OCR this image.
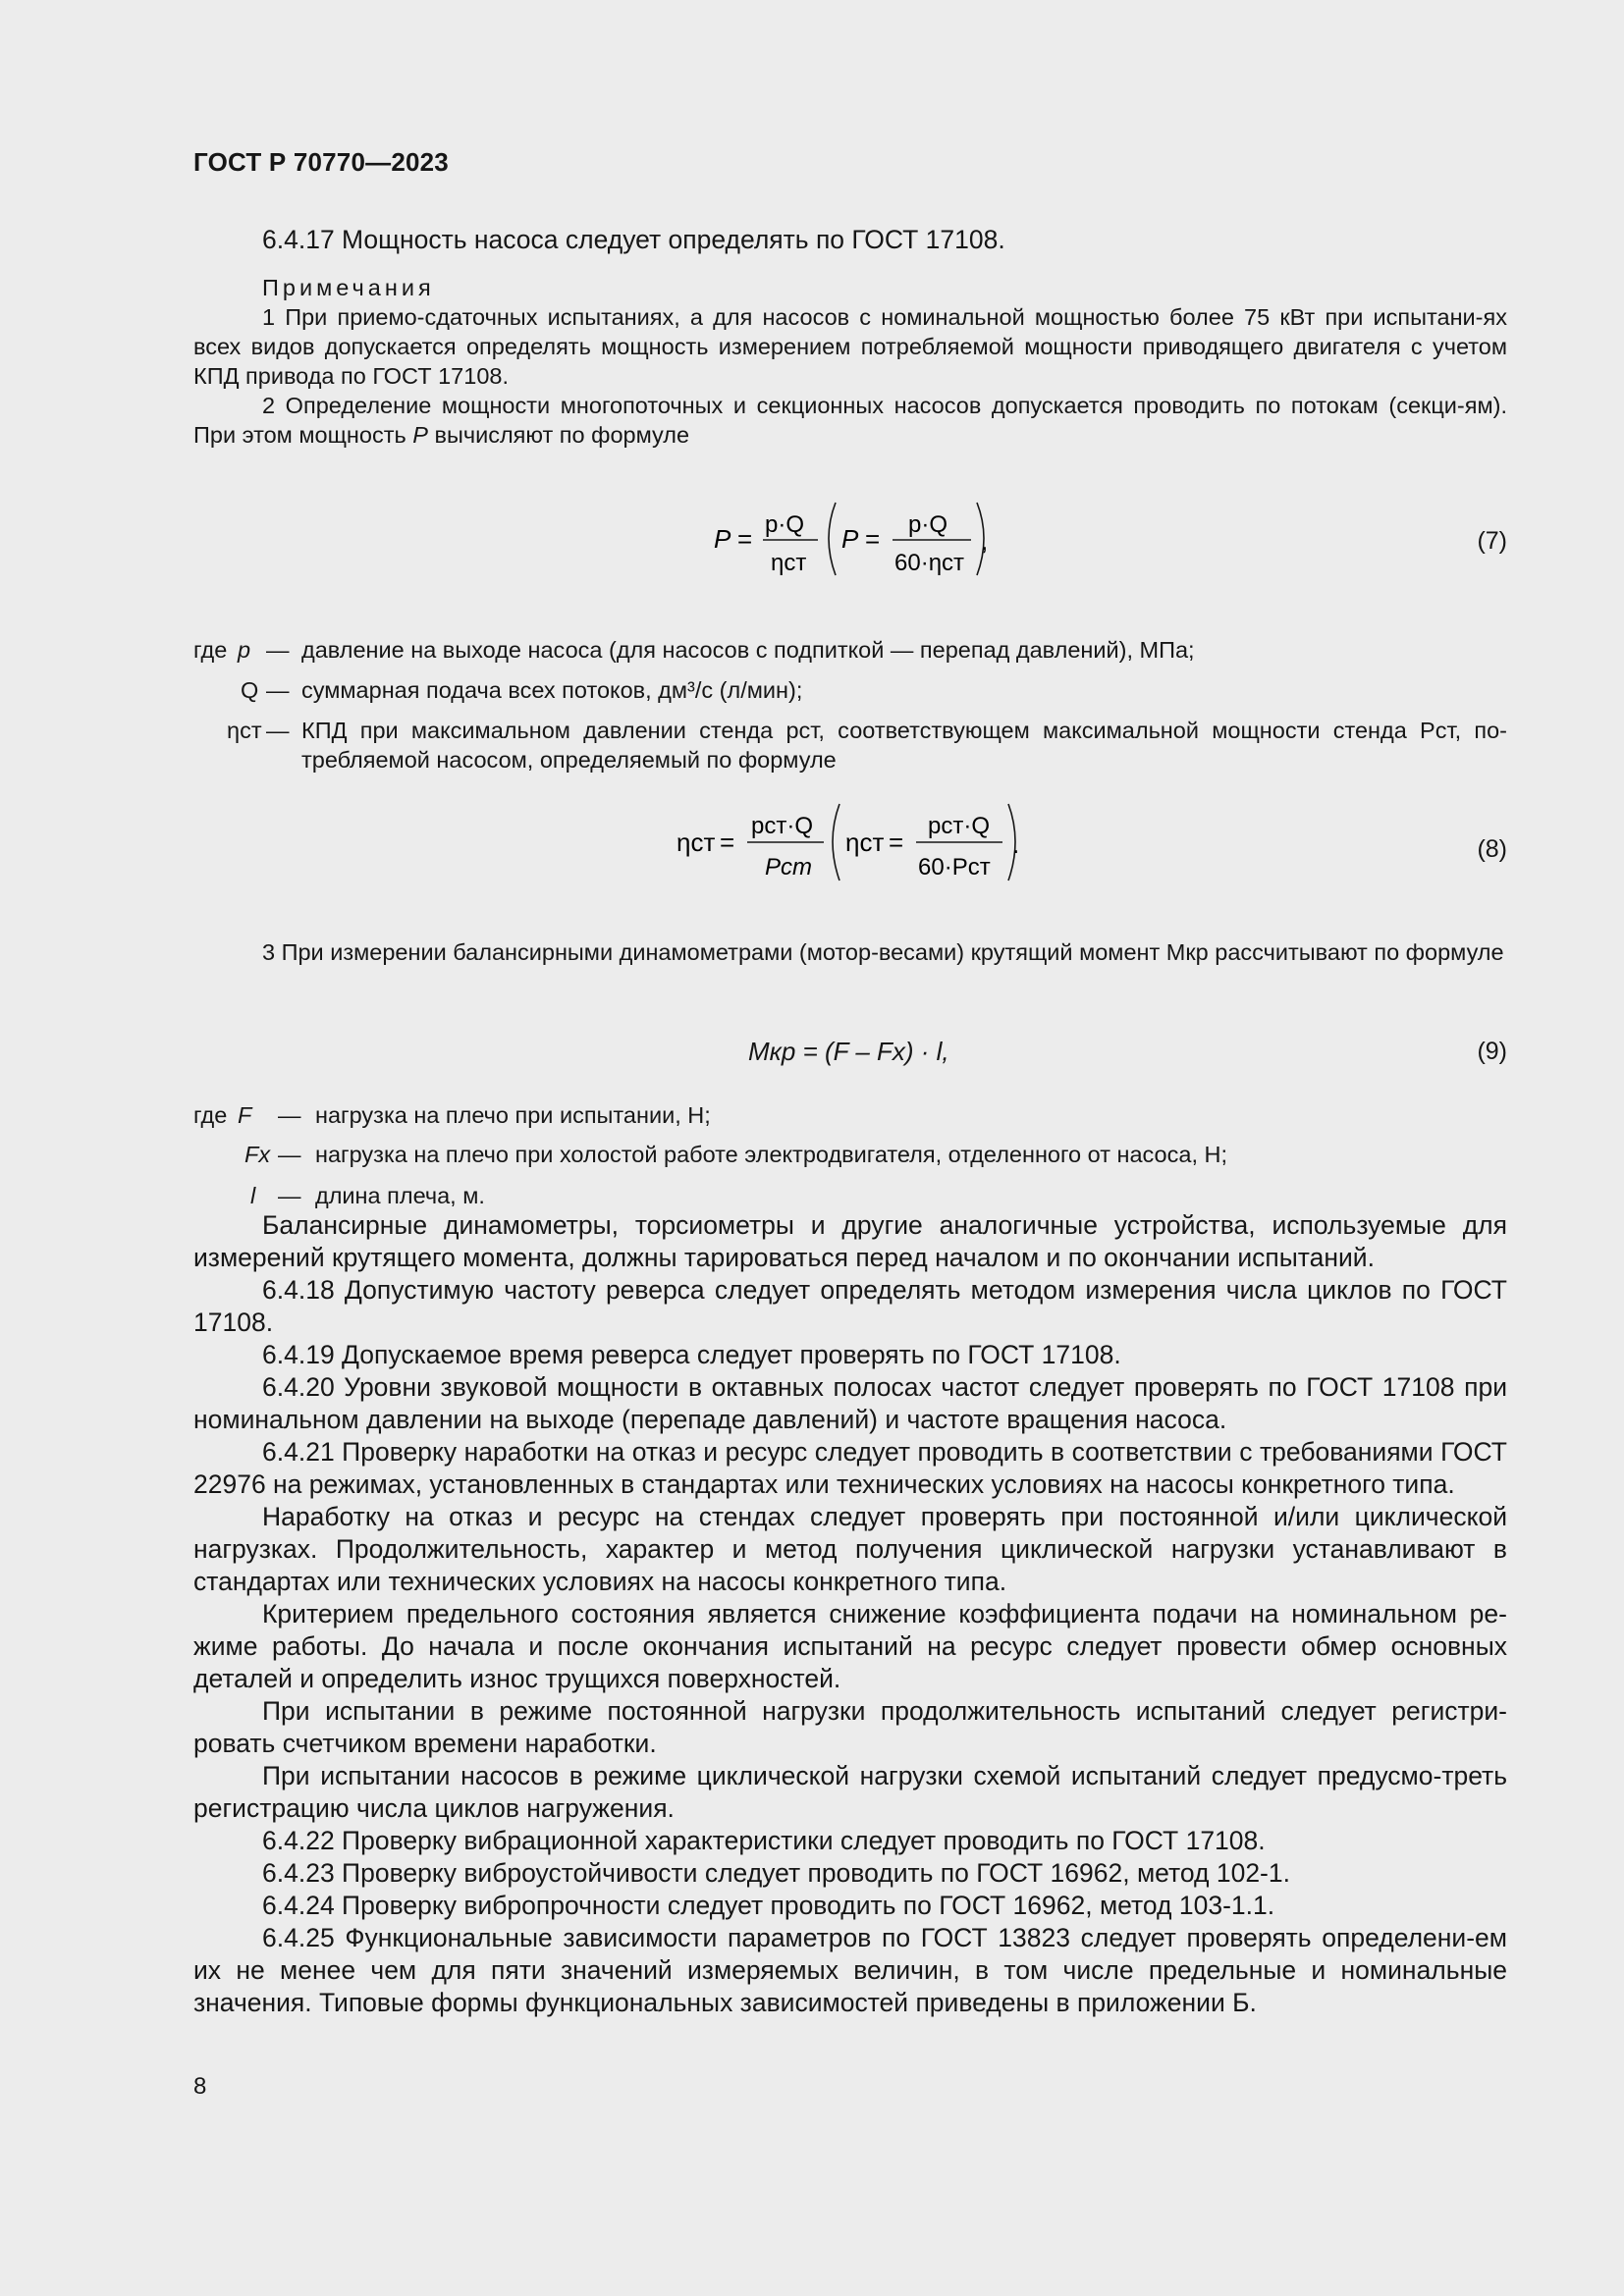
ГОСТ Р 70770—2023

6.4.17 Мощность насоса следует определять по ГОСТ 17108.

Примечания

1 При приемо-сдаточных испытаниях, а для насосов с номинальной мощностью более 75 кВт при испытани-ях всех видов допускается определять мощность измерением потребляемой мощности приводящего двигателя с учетом КПД привода по ГОСТ 17108.

2 Определение мощности многопоточных и секционных насосов допускается проводить по потокам (секци-ям). При этом мощность P вычисляют по формуле

P = p·Q
ηст
P = p·Q
60·ηст
,	(7)
где p — давление на выходе насоса (для насосов с подпиткой — перепад давлений), МПа;
Q — суммарная подача всех потоков, дм³/с (л/мин);
ηст — КПД при максимальном давлении стенда pст, соответствующем максимальной мощности стенда Pст, по-требляемой насосом, определяемый по формуле
ηст =
pст·Q
Pст
ηст =
pст·Q
60·Pст
.	(8)

3 При измерении балансирными динамометрами (мотор-весами) крутящий момент Mкр рассчитывают по формуле

Mкр = (F – Fx) · l,	(9)
где F — нагрузка на плечо при испытании, Н;
Fx — нагрузка на плечо при холостой работе электродвигателя, отделенного от насоса, Н;
l — длина плеча, м.

Балансирные динамометры, торсиометры и другие аналогичные устройства, используемые для измерений крутящего момента, должны тарироваться перед началом и по окончании испытаний.

6.4.18 Допустимую частоту реверса следует определять методом измерения числа циклов по ГОСТ 17108.

6.4.19 Допускаемое время реверса следует проверять по ГОСТ 17108.

6.4.20 Уровни звуковой мощности в октавных полосах частот следует проверять по ГОСТ 17108 при номинальном давлении на выходе (перепаде давлений) и частоте вращения насоса.

6.4.21 Проверку наработки на отказ и ресурс следует проводить в соответствии с требованиями ГОСТ 22976 на режимах, установленных в стандартах или технических условиях на насосы конкретного типа.

Наработку на отказ и ресурс на стендах следует проверять при постоянной и/или циклической нагрузках. Продолжительность, характер и метод получения циклической нагрузки устанавливают в стандартах или технических условиях на насосы конкретного типа.

Критерием предельного состояния является снижение коэффициента подачи на номинальном ре-жиме работы. До начала и после окончания испытаний на ресурс следует провести обмер основных деталей и определить износ трущихся поверхностей.

При испытании в режиме постоянной нагрузки продолжительность испытаний следует регистри-ровать счетчиком времени наработки.

При испытании насосов в режиме циклической нагрузки схемой испытаний следует предусмо-треть регистрацию числа циклов нагружения.

6.4.22 Проверку вибрационной характеристики следует проводить по ГОСТ 17108.

6.4.23 Проверку виброустойчивости следует проводить по ГОСТ 16962, метод 102-1.

6.4.24 Проверку вибропрочности следует проводить по ГОСТ 16962, метод 103-1.1.

6.4.25 Функциональные зависимости параметров по ГОСТ 13823 следует проверять определени-ем их не менее чем для пяти значений измеряемых величин, в том числе предельные и номинальные значения. Типовые формы функциональных зависимостей приведены в приложении Б.

8
